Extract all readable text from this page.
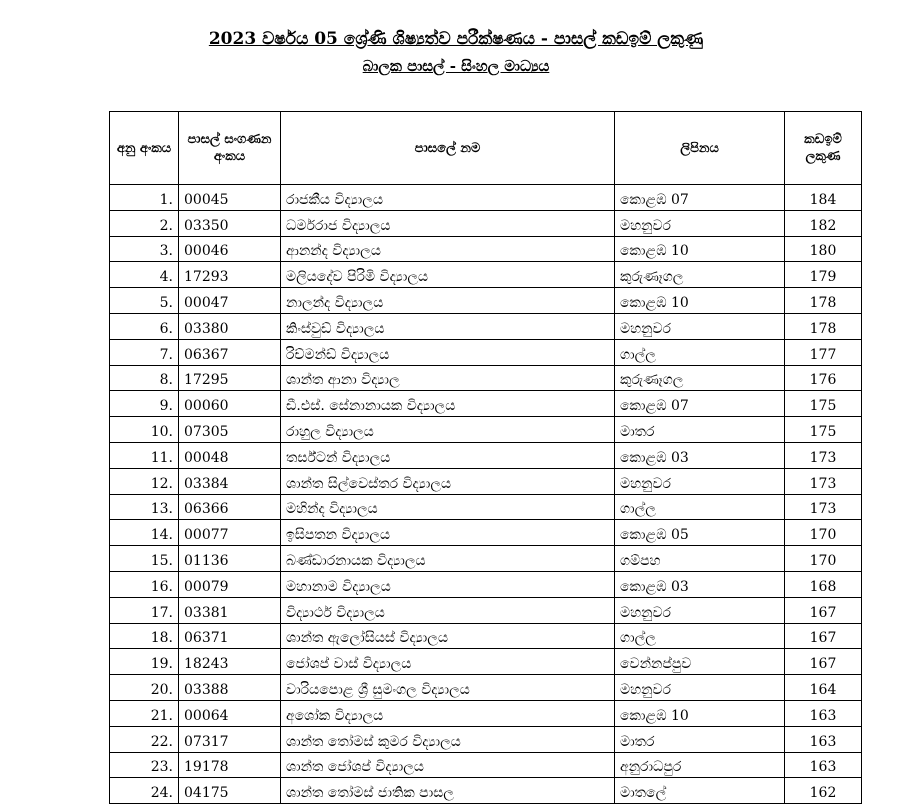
2023 වර්ෂය 05 ශ්‍රේණි ශිෂ්‍යත්ව පරීක්ෂණය - පාසල් කඩඉම් ලකුණු
බාලක පාසල් - සිංහල මාධ්‍යය
අනු අංකය	පාසල් සංගණන අංකය	පාසලේ නම	ලිපිනය	කඩඉම් ලකුණ
1.	00045	රාජකීය විද්‍යාලය	කොළඹ 07	184
2.	03350	ධර්මරාජ විද්‍යාලය	මහනුවර	182
3.	00046	ආනන්ද විද්‍යාලය	කොළඹ 10	180
4.	17293	මලියදේව පිරිමි විද්‍යාලය	කුරුණෑගල	179
5.	00047	නාලන්ද විද්‍යාලය	කොළඹ 10	178
6.	03380	කිංස්වුඩ් විද්‍යාලය	මහනුවර	178
7.	06367	රිච්මන්ඩ් විද්‍යාලය	ගාල්ල	177
8.	17295	ශාන්ත ආනා විද්‍යාල	කුරුණෑගල	176
9.	00060	ඩී.එස්. සේනානායක විද්‍යාලය	කොළඹ 07	175
10.	07305	රාහුල විද්‍යාලය	මාතර	175
11.	00048	තර්ස්ටන් විද්‍යාලය	කොළඹ 03	173
12.	03384	ශාන්ත සිල්වෙස්තර විද්‍යාලය	මහනුවර	173
13.	06366	මහින්ද විද්‍යාලය	ගාල්ල	173
14.	00077	ඉසිපතන විද්‍යාලය	කොළඹ 05	170
15.	01136	බණ්ඩාරනායක විද්‍යාලය	ගම්පහ	170
16.	00079	මහානාම විද්‍යාලය	කොළඹ 03	168
17.	03381	විද්‍යාර්ථ විද්‍යාලය	මහනුවර	167
18.	06371	ශාන්ත ඇලෝසියස් විද්‍යාලය	ගාල්ල	167
19.	18243	ජෝශප් වාස් විද්‍යාලය	වෙන්නප්පුව	167
20.	03388	වාරියපොළ ශ්‍රී සුමංගල විද්‍යාලය	මහනුවර	164
21.	00064	අශෝක විද්‍යාලය	කොළඹ 10	163
22.	07317	ශාන්ත තෝමස් කුමර විද්‍යාලය	මාතර	163
23.	19178	ශාන්ත ජෝශප් විද්‍යාලය	අනුරාධපුර	163
24.	04175	ශාන්ත තෝමස් ජාතික පාසල	මාතලේ	162
